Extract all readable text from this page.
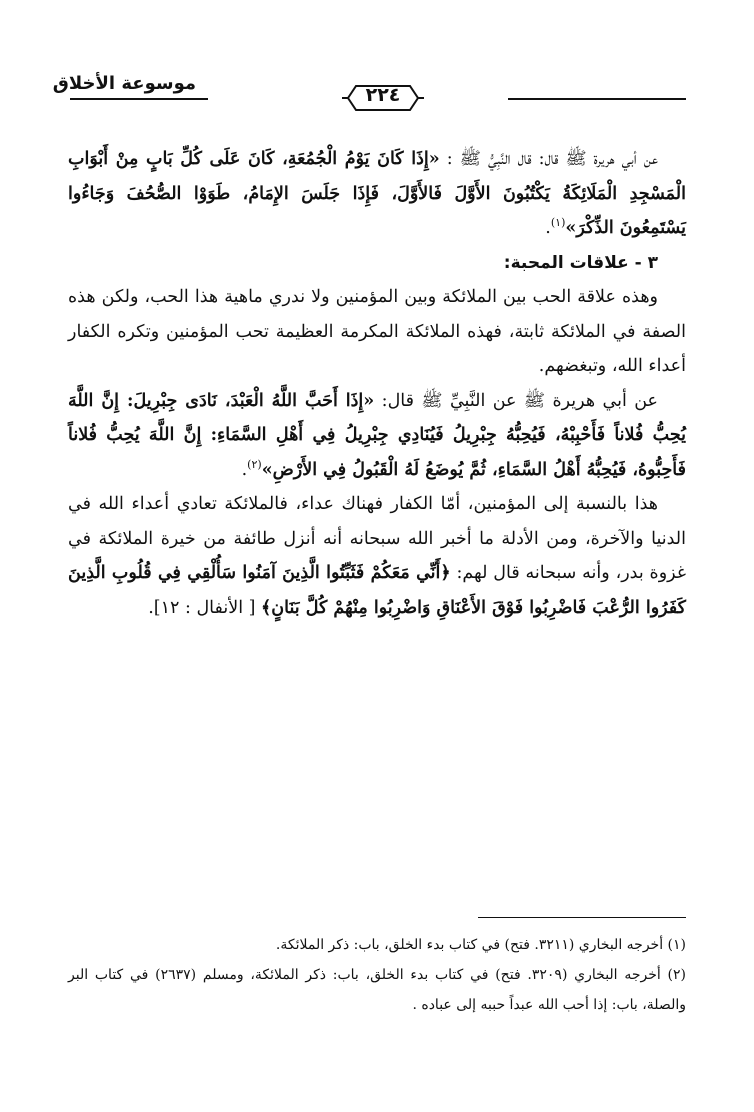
٢٢٤
موسوعة الأخلاق

عن أبي هريرة ﷺ قال: قال النَّبِيُّ ﷺ : «إِذَا كَانَ يَوْمُ الْجُمُعَةِ، كَانَ عَلَى كُلِّ بَابٍ مِنْ أَبْوَابِ الْمَسْجِدِ الْمَلَائِكَةُ يَكْتُبُونَ الأَوَّلَ فَالأَوَّلَ، فَإِذَا جَلَسَ الإِمَامُ، طَوَوْا الصُّحُفَ وَجَاءُوا يَسْتَمِعُونَ الذِّكْرَ»$^{(١)}$.

٣ - علاقات المحبة:

وهذه علاقة الحب بين الملائكة وبين المؤمنين ولا ندري ماهية هذا الحب، ولكن هذه الصفة في الملائكة ثابتة، فهذه الملائكة المكرمة العظيمة تحب المؤمنين وتكره الكفار أعداء الله، وتبغضهم.

عن أبي هريرة ﷺ عن النَّبِيِّ ﷺ قال: «إِذَا أَحَبَّ اللَّهُ الْعَبْدَ، نَادَى جِبْرِيلَ: إِنَّ اللَّهَ يُحِبُّ فُلاناً فَأَحْبِبْهُ، فَيُحِبُّهُ جِبْرِيلُ فَيُنَادِي جِبْرِيلُ فِي أَهْلِ السَّمَاءِ: إِنَّ اللَّهَ يُحِبُّ فُلاناً فَأَحِبُّوهُ، فَيُحِبُّهُ أَهْلُ السَّمَاءِ، ثُمَّ يُوضَعُ لَهُ الْقَبُولُ فِي الأَرْضِ»$^{(٢)}$.

هذا بالنسبة إلى المؤمنين، أمّا الكفار فهناك عداء، فالملائكة تعادي أعداء الله في الدنيا والآخرة، ومن الأدلة ما أخبر الله سبحانه أنه أنزل طائفة من خيرة الملائكة في غزوة بدر، وأنه سبحانه قال لهم: ﴿أَنِّي مَعَكُمْ فَثَبِّتُوا الَّذِينَ آمَنُوا سَأُلْقِي فِي قُلُوبِ الَّذِينَ كَفَرُوا الرُّعْبَ فَاضْرِبُوا فَوْقَ الأَعْنَاقِ وَاضْرِبُوا مِنْهُمْ كُلَّ بَنَانٍ﴾ [ الأنفال : ١٢].

(١) أخرجه البخاري (٣٢١١. فتح) في كتاب بدء الخلق، باب: ذكر الملائكة.

(٢) أخرجه البخاري (٣٢٠٩. فتح) في كتاب بدء الخلق، باب: ذكر الملائكة، ومسلم (٢٦٣٧) في كتاب البر والصلة، باب: إذا أحب الله عبداً حببه إلى عباده .
